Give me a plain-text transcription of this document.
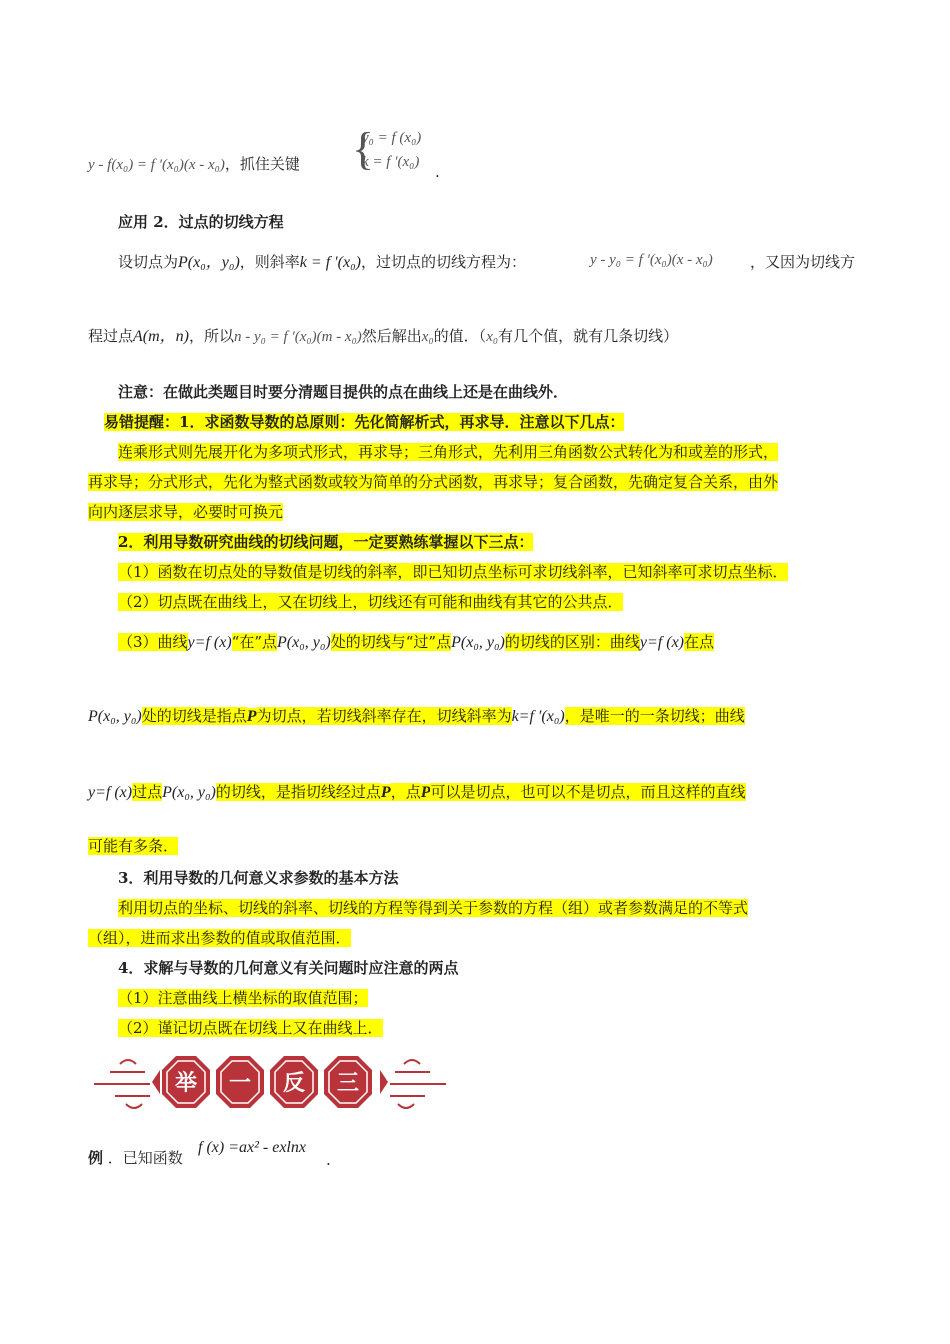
y - f(x₀) = f ′(x₀)(x - x₀)，抓住关键 {
y₀ = f (x₀)
k = f ′(x₀)
.
应用 2．过点的切线方程
设切点为P(x₀，y₀)，则斜率k = f ′(x₀)，过切点的切线方程为：	y - y₀ = f ′(x₀)(x - x₀) ，又因为切线方
程过点A(m，n)，所以n - y₀ = f ′(x₀)(m - x₀)然后解出x₀的值．（x₀有几个值，就有几条切线）
注意：在做此类题目时要分清题目提供的点在曲线上还是在曲线外．
易错提醒：1．求函数导数的总原则：先化简解析式，再求导．注意以下几点：
连乘形式则先展开化为多项式形式，再求导；三角形式，先利用三角函数公式转化为和或差的形式，
再求导；分式形式，先化为整式函数或较为简单的分式函数，再求导；复合函数，先确定复合关系，由外
向内逐层求导，必要时可换元
2．利用导数研究曲线的切线问题，一定要熟练掌握以下三点：
（1）函数在切点处的导数值是切线的斜率，即已知切点坐标可求切线斜率，已知斜率可求切点坐标．
（2）切点既在曲线上，又在切线上，切线还有可能和曲线有其它的公共点．
（3）曲线y=f (x)“在”点P(x₀, y₀)处的切线与“过”点P(x₀, y₀)的切线的区别：曲线y=f (x)在点
P(x₀, y₀)处的切线是指点P为切点，若切线斜率存在，切线斜率为k=f ′(x₀)，是唯一的一条切线；曲线
y=f (x)过点P(x₀, y₀)的切线，是指切线经过点P，点P可以是切点，也可以不是切点，而且这样的直线
可能有多条．
3．利用导数的几何意义求参数的基本方法
利用切点的坐标、切线的斜率、切线的方程等得到关于参数的方程（组）或者参数满足的不等式
（组），进而求出参数的值或取值范围．
4．求解与导数的几何意义有关问题时应注意的两点
（1）注意曲线上横坐标的取值范围；
（2）谨记切点既在切线上又在曲线上．
举 一 反 三
例 ．已知函数
f (x) =ax² - exlnx
.
